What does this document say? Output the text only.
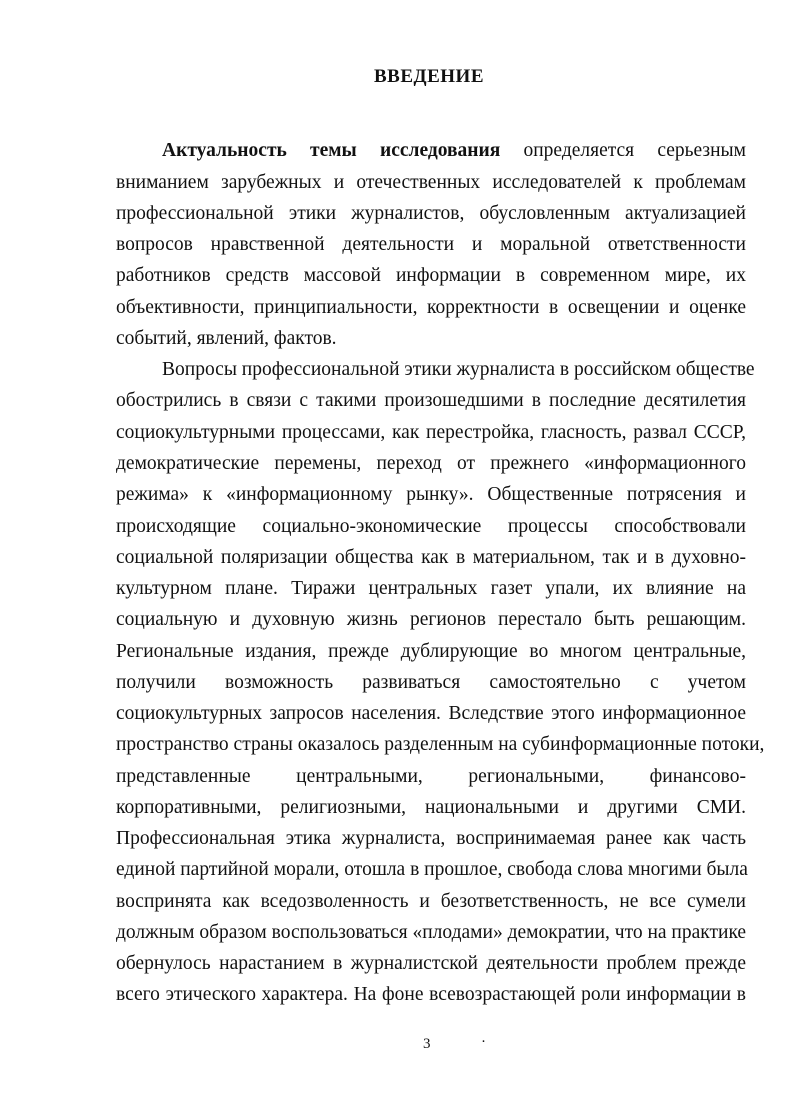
ВВЕДЕНИЕ
Актуальность темы исследования определяется серьезным
вниманием зарубежных и отечественных исследователей к проблемам
профессиональной этики журналистов, обусловленным актуализацией
вопросов нравственной деятельности и моральной ответственности
работников средств массовой информации в современном мире, их
объективности, принципиальности, корректности в освещении и оценке
событий, явлений, фактов.
Вопросы профессиональной этики журналиста в российском обществе
обострились в связи с такими произошедшими в последние десятилетия
социокультурными процессами, как перестройка, гласность, развал СССР,
демократические перемены, переход от прежнего «информационного
режима» к «информационному рынку». Общественные потрясения и
происходящие социально-экономические процессы способствовали
социальной поляризации общества как в материальном, так и в духовно-
культурном плане. Тиражи центральных газет упали, их влияние на
социальную и духовную жизнь регионов перестало быть решающим.
Региональные издания, прежде дублирующие во многом центральные,
получили возможность развиваться самостоятельно с учетом
социокультурных запросов населения. Вследствие этого информационное
пространство страны оказалось разделенным на субинформационные потоки,
представленные центральными, региональными, финансово-
корпоративными, религиозными, национальными и другими СМИ.
Профессиональная этика журналиста, воспринимаемая ранее как часть
единой партийной морали, отошла в прошлое, свобода слова многими была
воспринята как вседозволенность и безответственность, не все сумели
должным образом воспользоваться «плодами» демократии, что на практике
обернулось нарастанием в журналистской деятельности проблем прежде
всего этического характера. На фоне всевозрастающей роли информации в
3	·
